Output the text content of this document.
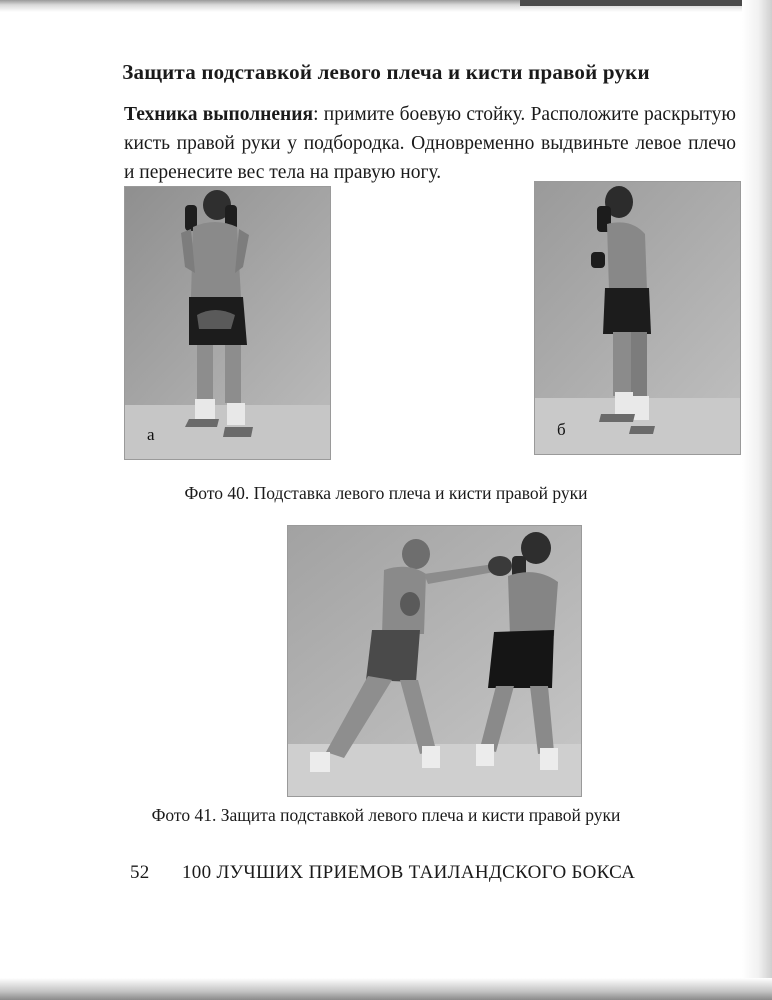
Защита подставкой левого плеча и кисти правой руки
Техника выполнения: примите боевую стойку. Расположите раскрытую кисть правой руки у подбородка. Одновременно выдвиньте левое плечо и перенесите вес тела на правую ногу.
а	б
Фото 40. Подставка левого плеча и кисти правой руки
Фото 41. Защита подставкой левого плеча и кисти правой руки
52 100 ЛУЧШИХ ПРИЕМОВ ТАИЛАНДСКОГО БОКСА
